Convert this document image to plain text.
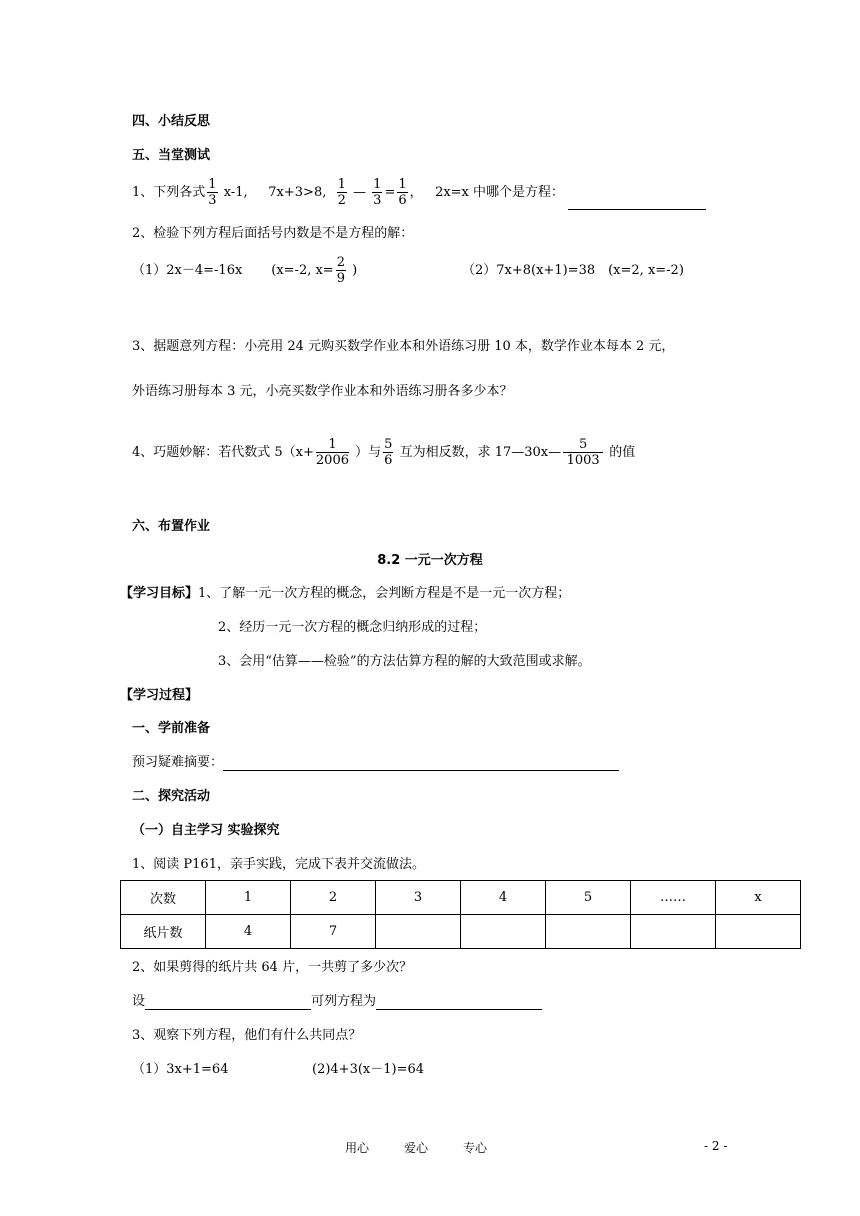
四、小结反思
五、当堂测试
1、下列各式 $\frac{1}{3} x-1$, 7x+3>8, $\frac{1}{2}$ — $\frac{1}{3} = \frac{1}{6}$ ， 2x=x 中哪个是方程：
2、检验下列方程后面括号内数是不是方程的解：
（1）2x－4=-16x (x=-2, $x= \frac{2}{9}$ )	（2）7x+8(x+1)=38　(x=2, x=-2)
3、据题意列方程：小亮用 24 元购买数学作业本和外语练习册 10 本，数学作业本每本 2 元，
外语练习册每本 3 元，小亮买数学作业本和外语练习册各多少本？
4、巧题妙解：若代数式 $5(x+ \frac{1}{2006}$ ）与 $\frac{5}{6}$ 互为相反数，求 17—30x— $\frac{5}{1003}$ 的值
六、布置作业
8.2 一元一次方程
【学习目标】1、了解一元一次方程的概念，会判断方程是不是一元一次方程；
2、经历一元一次方程的概念归纳形成的过程；
3、会用“估算——检验”的方法估算方程的解的大致范围或求解。
【学习过程】
一、学前准备
预习疑难摘要：
二、探究活动
（一）自主学习 实验探究
1、阅读 P161，亲手实践，完成下表并交流做法。
次数	1	2	3	4	5	……	x
纸片数	4	7					
2、如果剪得的纸片共 64 片，一共剪了多少次？
设	可列方程为
3、观察下列方程，他们有什么共同点？
（1）3x+1=64	(2)4+3(x－1)=64
用心	爱心	专心	- 2 -
